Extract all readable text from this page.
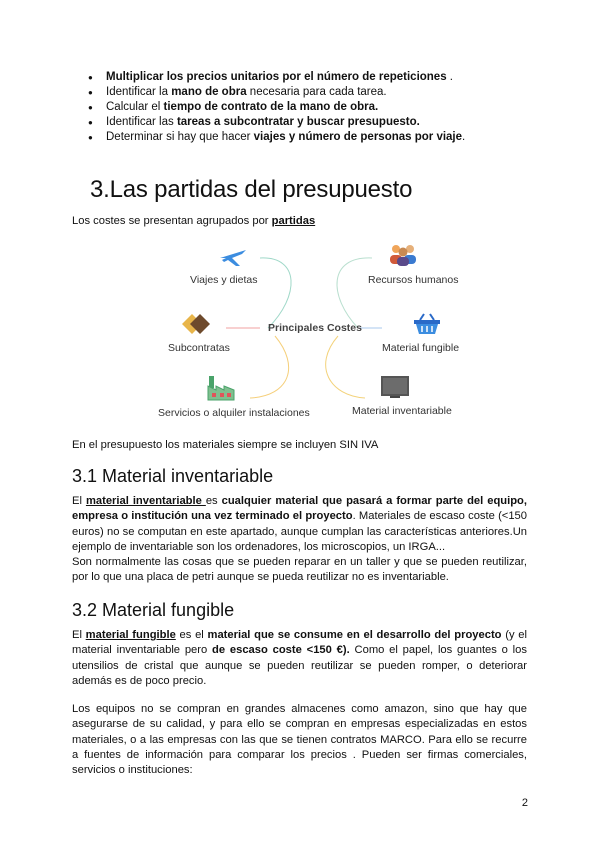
● Multiplicar los precios unitarios por el número de repeticiones .
● Identificar la mano de obra necesaria para cada tarea.
● Calcular el tiempo de contrato de la mano de obra.
● Identificar las tareas a subcontratar y buscar presupuesto.
● Determinar si hay que hacer viajes y número de personas por viaje.
3.Las partidas del presupuesto

Los costes se presentan agrupados por partidas

Viajes y dietas	Recursos humanos
Subcontratas
Principales Costes
Material fungible
Servicios o alquiler instalaciones	Material inventariable

En el presupuesto los materiales siempre se incluyen SIN IVA

3.1 Material inventariable

El material inventariable es cualquier material que pasará a formar parte del equipo, empresa o institución una vez terminado el proyecto. Materiales de escaso coste (<150 euros) no se computan en este apartado, aunque cumplan las características anteriores.Un ejemplo de inventariable son los ordenadores, los microscopios, un IRGA...

Son normalmente las cosas que se pueden reparar en un taller y que se pueden reutilizar, por lo que una placa de petri aunque se pueda reutilizar no es inventariable.

3.2 Material fungible

El material fungible es el material que se consume en el desarrollo del proyecto (y el material inventariable pero de escaso coste <150 €). Como el papel, los guantes o los utensilios de cristal que aunque se pueden reutilizar se pueden romper, o deteriorar además es de poco precio.

Los equipos no se compran en grandes almacenes como amazon, sino que hay que asegurarse de su calidad, y para ello se compran en empresas especializadas en estos materiales, o a las empresas con las que se tienen contratos MARCO. Para ello se recurre a fuentes de información para comparar los precios . Pueden ser firmas comerciales, servicios o instituciones:

2
